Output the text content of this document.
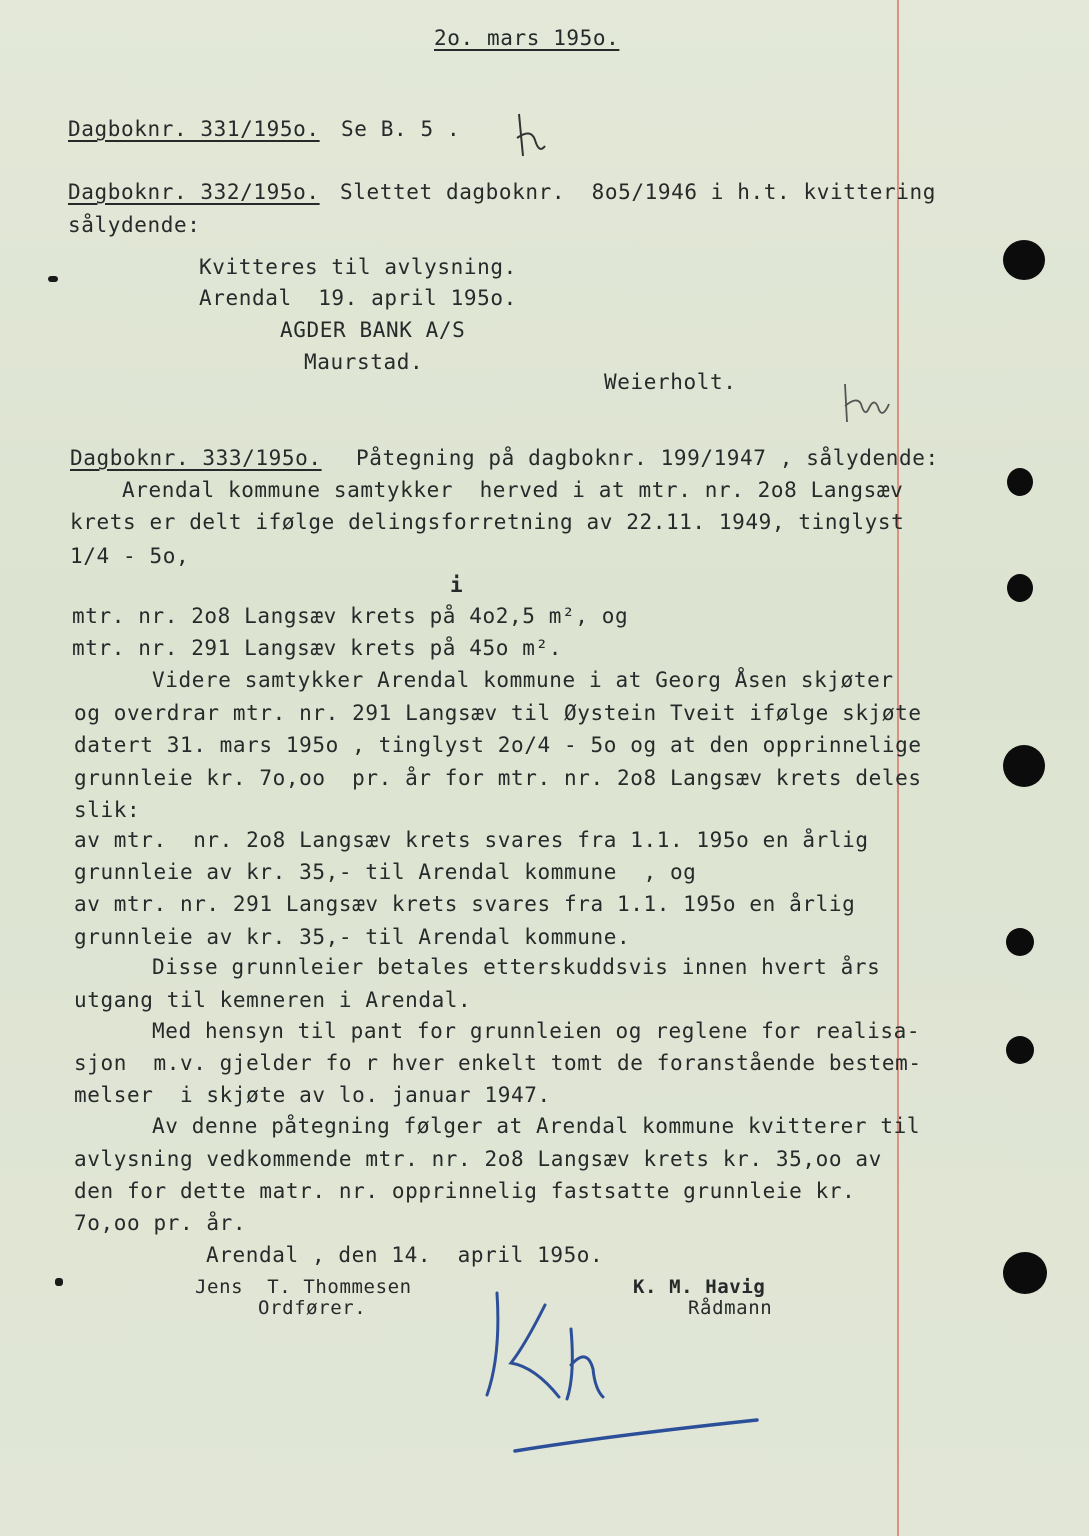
2o. mars 195o.
Dagboknr. 331/195o. Se B. 5 .
Dagboknr. 332/195o. Slettet dagboknr.  8o5/1946 i h.t. kvittering
sålydende:
Kvitteres til avlysning.
Arendal  19. april 195o.
AGDER BANK A/S
Maurstad.
Weierholt.
Dagboknr. 333/195o. Påtegning på dagboknr. 199/1947 , sålydende:
Arendal kommune samtykker  herved i at mtr. nr. 2o8 Langsæv
krets er delt ifølge delingsforretning av 22.11. 1949, tinglyst
1/4 - 5o,
i
mtr. nr. 2o8 Langsæv krets på 4o2,5 m², og
mtr. nr. 291 Langsæv krets på 45o m².
Videre samtykker Arendal kommune i at Georg Åsen skjøter
og overdrar mtr. nr. 291 Langsæv til Øystein Tveit ifølge skjøte
datert 31. mars 195o , tinglyst 2o/4 - 5o og at den opprinnelige
grunnleie kr. 7o,oo  pr. år for mtr. nr. 2o8 Langsæv krets deles
slik:
av mtr.  nr. 2o8 Langsæv krets svares fra 1.1. 195o en årlig
grunnleie av kr. 35,- til Arendal kommune  , og
av mtr. nr. 291 Langsæv krets svares fra 1.1. 195o en årlig
grunnleie av kr. 35,- til Arendal kommune.
Disse grunnleier betales etterskuddsvis innen hvert års
utgang til kemneren i Arendal.
Med hensyn til pant for grunnleien og reglene for realisa-
sjon  m.v. gjelder fo r hver enkelt tomt de foranstående bestem-
melser  i skjøte av lo. januar 1947.
Av denne påtegning følger at Arendal kommune kvitterer til
avlysning vedkommende mtr. nr. 2o8 Langsæv krets kr. 35,oo av
den for dette matr. nr. opprinnelig fastsatte grunnleie kr.
7o,oo pr. år.
Arendal , den 14.  april 195o.
Jens  T. Thommesen
Ordfører.
K. M. Havig
Rådmann
